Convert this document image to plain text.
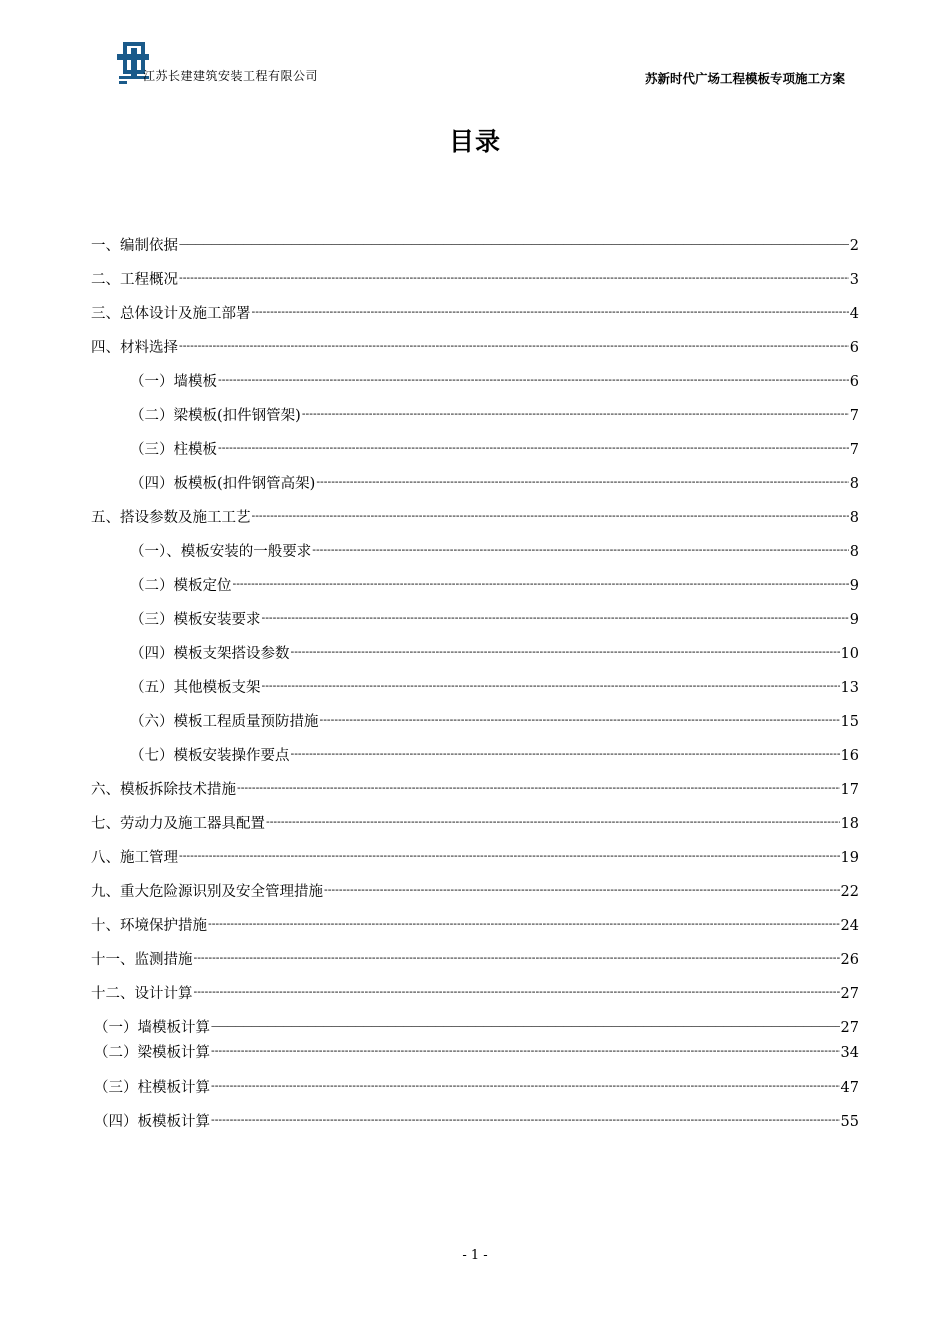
江苏长建建筑安装工程有限公司	苏新时代广场工程模板专项施工方案
目录
一、编制依据 —————	2
二、工程概况 -----	3
三、总体设计及施工部署 -----	4
四、材料选择 -----	6
（一）墙模板 -----	6
（二）梁模板(扣件钢管架) -----	7
（三）柱模板 -----	7
（四）板模板(扣件钢管高架) -----	8
五、搭设参数及施工工艺 -----	8
（一）、模板安装的一般要求 -----	8
（二）模板定位 -----	9
（三）模板安装要求 -----	9
（四）模板支架搭设参数 -----	10
（五）其他模板支架 -----	13
（六）模板工程质量预防措施 -----	15
（七）模板安装操作要点 -----	16
六、模板拆除技术措施 -----	17
七、劳动力及施工器具配置 -----	18
八、施工管理 -----	19
九、重大危险源识别及安全管理措施 -----	22
十、环境保护措施 -----	24
十一、监测措施 -----	26
十二、设计计算 -----	27
（一）墙模板计算 —————	27
（二）梁模板计算 -----	34
（三）柱模板计算 -----	47
（四）板模板计算 -----	55
- 1 -
